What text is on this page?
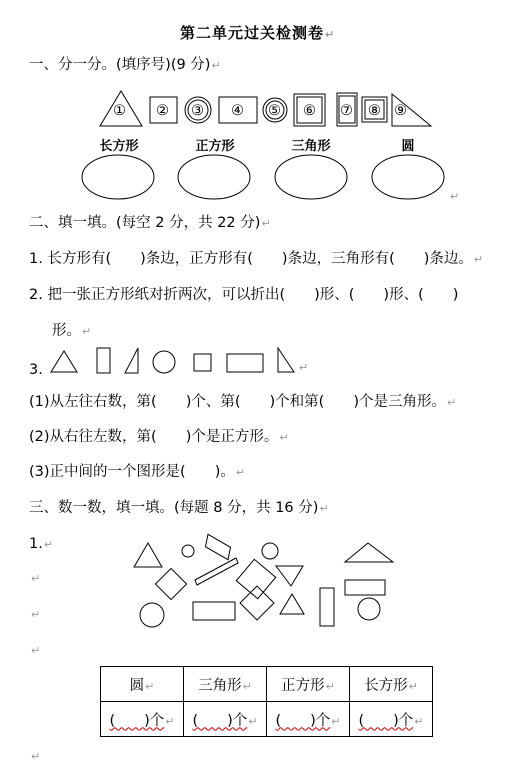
第二单元过关检测卷↵
一、分一分。(填序号)(9 分)↵
① ② ③ ④ ⑤ ⑥ ⑦ ⑧ ⑨
长方形	正方形	三角形	圆
↵
二、填一填。(每空 2 分，共 22 分)↵
1. 长方形有(　　)条边，正方形有(　　)条边，三角形有(　　)条边。↵
2. 把一张正方形纸对折两次，可以折出(　　)形、(　　)形、(　　)
形。↵
3.	↵
(1)从左往右数，第(　　)个、第(　　)个和第(　　)个是三角形。↵
(2)从右往左数，第(　　)个是正方形。↵
(3)正中间的一个图形是(　　)。↵
三、数一数，填一填。(每题 8 分，共 16 分)↵
1.↵
↵
↵
↵
圆↵	三角形↵	正方形↵	长方形↵
(　　)个↵	(　　)个↵	(　　)个↵	(　　)个↵
↵
